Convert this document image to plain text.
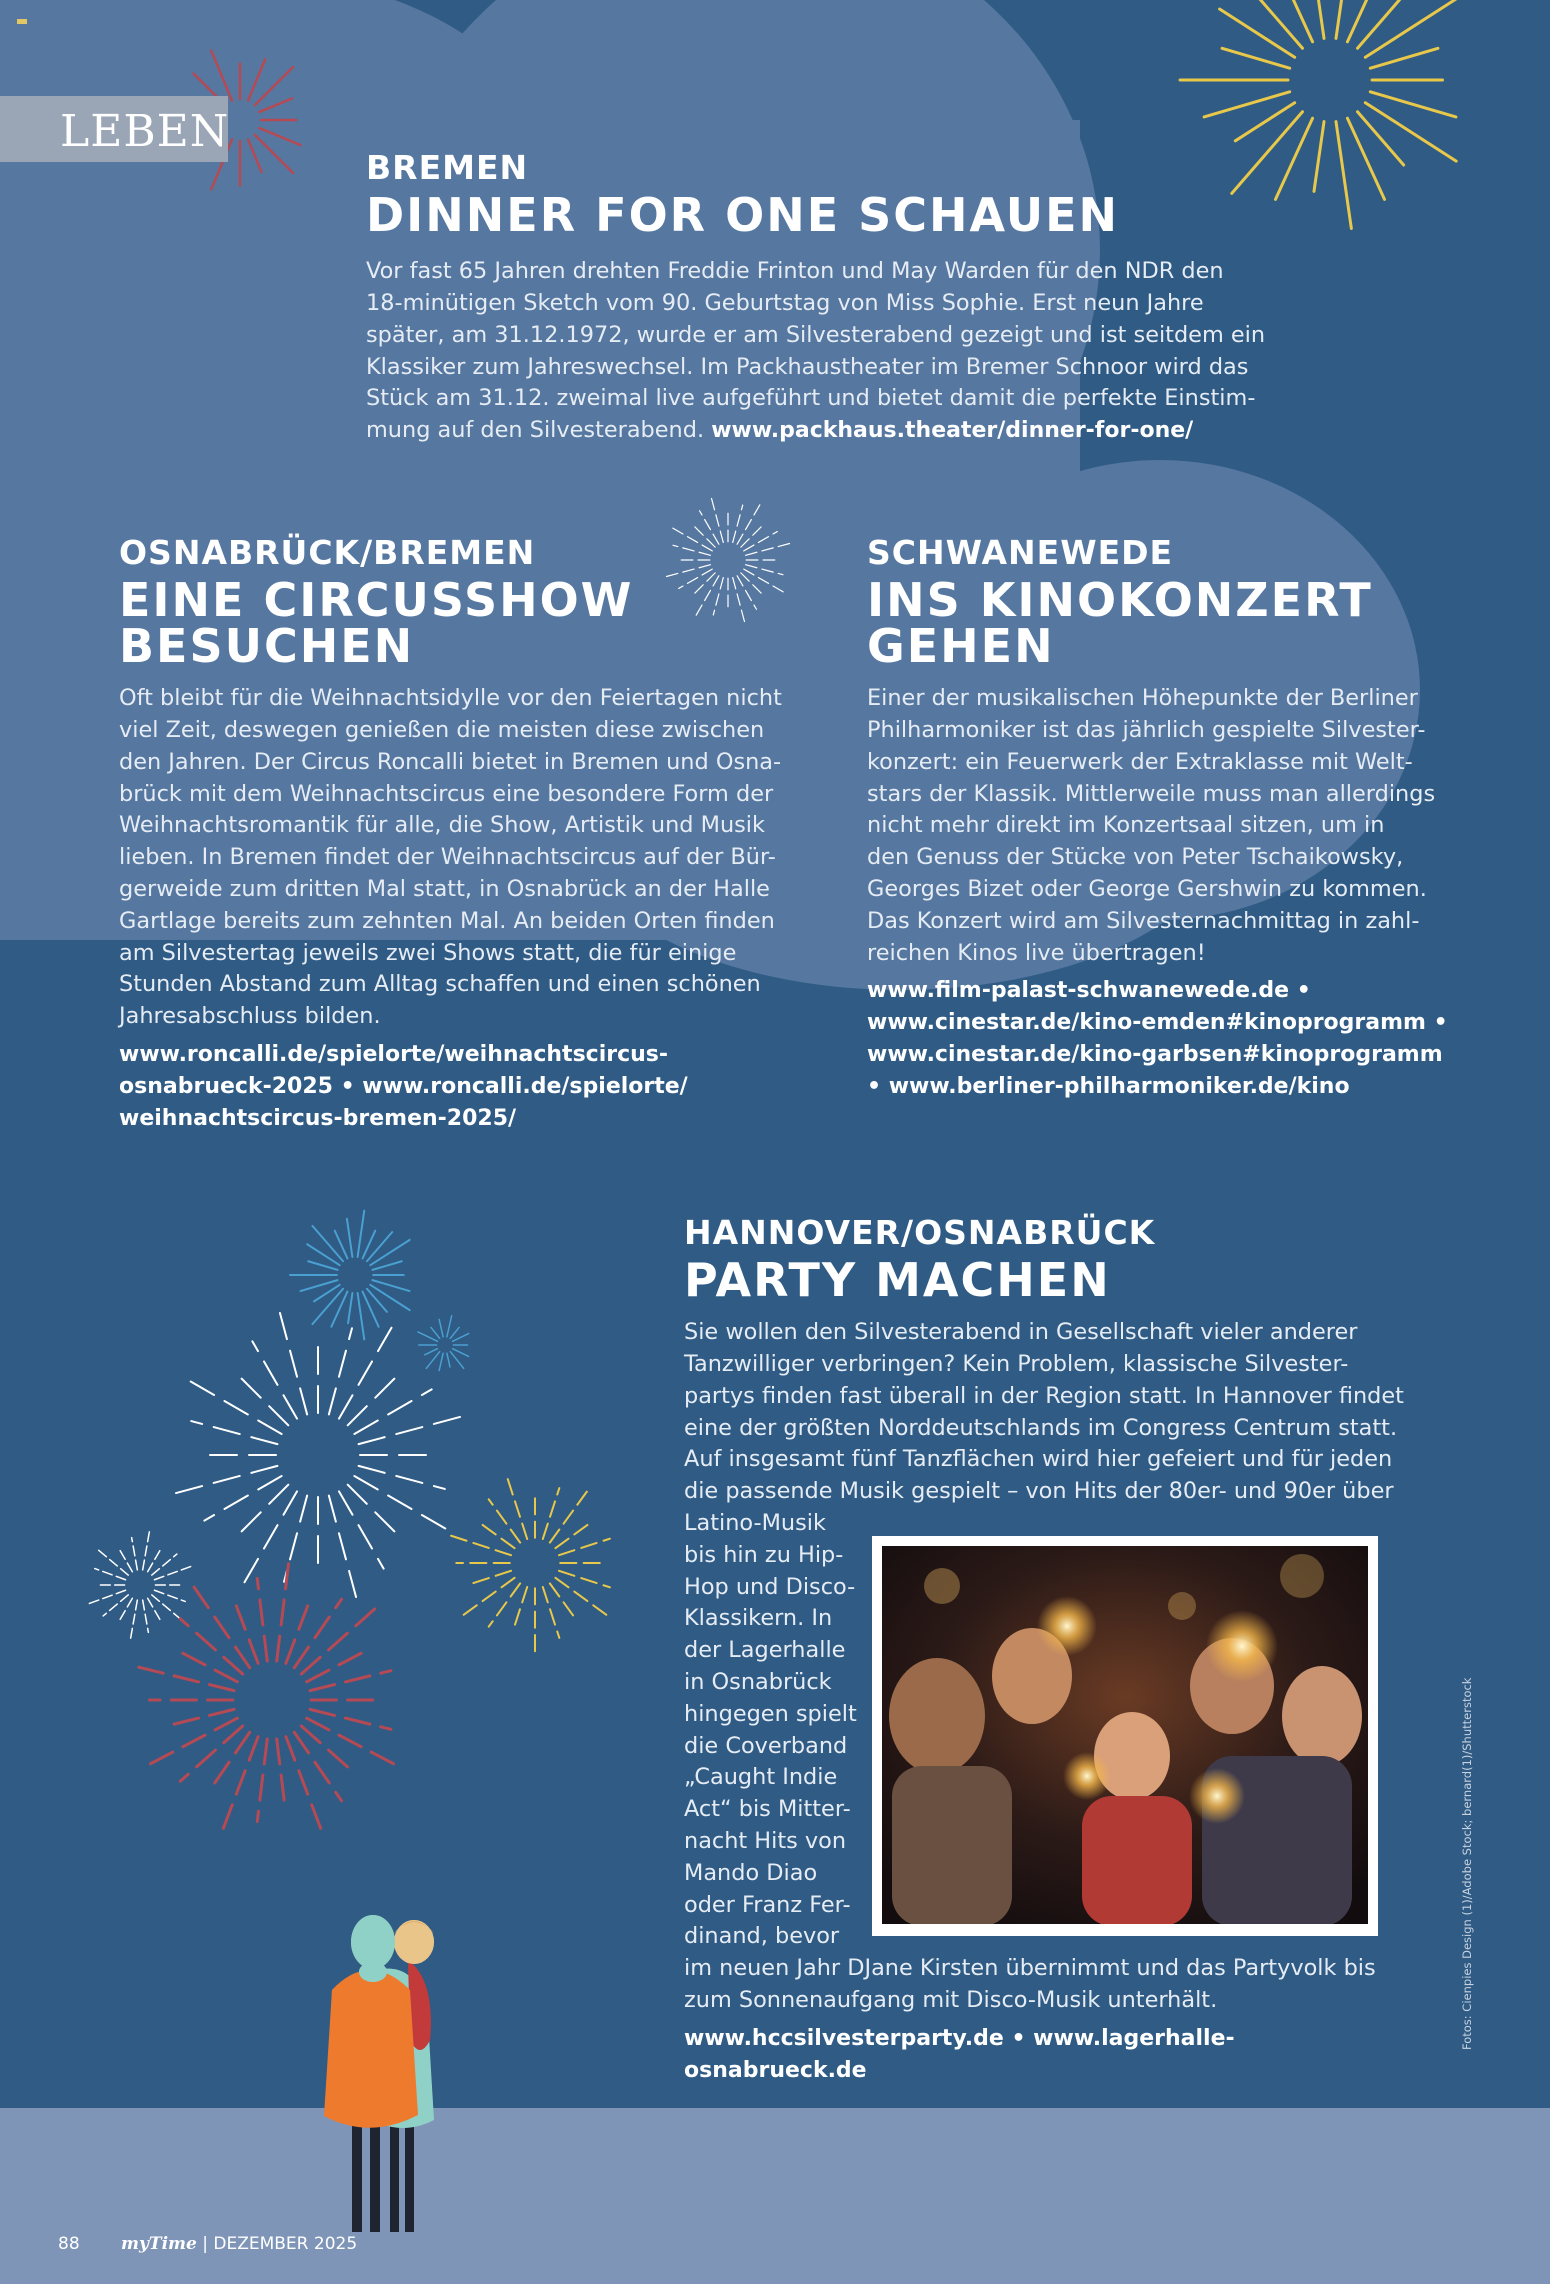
LEBEN

BREMEN

DINNER FOR ONE SCHAUEN

Vor fast 65 Jahren drehten Freddie Frinton und May Warden für den NDR den
18-minütigen Sketch vom 90. Geburtstag von Miss Sophie. Erst neun Jahre
später, am 31.12.1972, wurde er am Silvesterabend gezeigt und ist seitdem ein
Klassiker zum Jahreswechsel. Im Packhaustheater im Bremer Schnoor wird das
Stück am 31.12. zweimal live aufgeführt und bietet damit die perfekte Einstim-
mung auf den Silvesterabend. www.packhaus.theater/dinner-for-one/

OSNABRÜCK/BREMEN

EINE CIRCUSSHOW

BESUCHEN

Oft bleibt für die Weihnachtsidylle vor den Feiertagen nicht
viel Zeit, deswegen genießen die meisten diese zwischen
den Jahren. Der Circus Roncalli bietet in Bremen und Osna-
brück mit dem Weihnachtscircus eine besondere Form der
Weihnachtsromantik für alle, die Show, Artistik und Musik
lieben. In Bremen findet der Weihnachtscircus auf der Bür-
gerweide zum dritten Mal statt, in Osnabrück an der Halle
Gartlage bereits zum zehnten Mal. An beiden Orten finden
am Silvestertag jeweils zwei Shows statt, die für einige
Stunden Abstand zum Alltag schaffen und einen schönen
Jahresabschluss bilden.
www.roncalli.de/spielorte/weihnachtscircus-
osnabrueck-2025 • www.roncalli.de/spielorte/
weihnachtscircus-bremen-2025/

SCHWANEWEDE

INS KINOKONZERT

GEHEN

Einer der musikalischen Höhepunkte der Berliner
Philharmoniker ist das jährlich gespielte Silvester-
konzert: ein Feuerwerk der Extraklasse mit Welt-
stars der Klassik. Mittlerweile muss man allerdings
nicht mehr direkt im Konzertsaal sitzen, um in
den Genuss der Stücke von Peter Tschaikowsky,
Georges Bizet oder George Gershwin zu kommen.
Das Konzert wird am Silvesternachmittag in zahl-
reichen Kinos live übertragen!
www.film-palast-schwanewede.de •
www.cinestar.de/kino-emden#kinoprogramm •
www.cinestar.de/kino-garbsen#kinoprogramm
• www.berliner-philharmoniker.de/kino

HANNOVER/OSNABRÜCK

PARTY MACHEN

Sie wollen den Silvesterabend in Gesellschaft vieler anderer
Tanzwilliger verbringen? Kein Problem, klassische Silvester-
partys finden fast überall in der Region statt. In Hannover findet
eine der größten Norddeutschlands im Congress Centrum statt.
Auf insgesamt fünf Tanzflächen wird hier gefeiert und für jeden
die passende Musik gespielt – von Hits der 80er- und 90er über
Latino-Musik
bis hin zu Hip-
Hop und Disco-
Klassikern. In
der Lagerhalle
in Osnabrück
hingegen spielt
die Coverband
„Caught Indie
Act“ bis Mitter-
nacht Hits von
Mando Diao
oder Franz Fer-
dinand, bevor
im neuen Jahr DJane Kirsten übernimmt und das Partyvolk bis
zum Sonnenaufgang mit Disco-Musik unterhält.
www.hccsilvesterparty.de • www.lagerhalle-osnabrueck.de
Fotos: Cienpies Design (1)/Adobe Stock; bernard(1)/Shutterstock
88 myTime | DEZEMBER 2025
